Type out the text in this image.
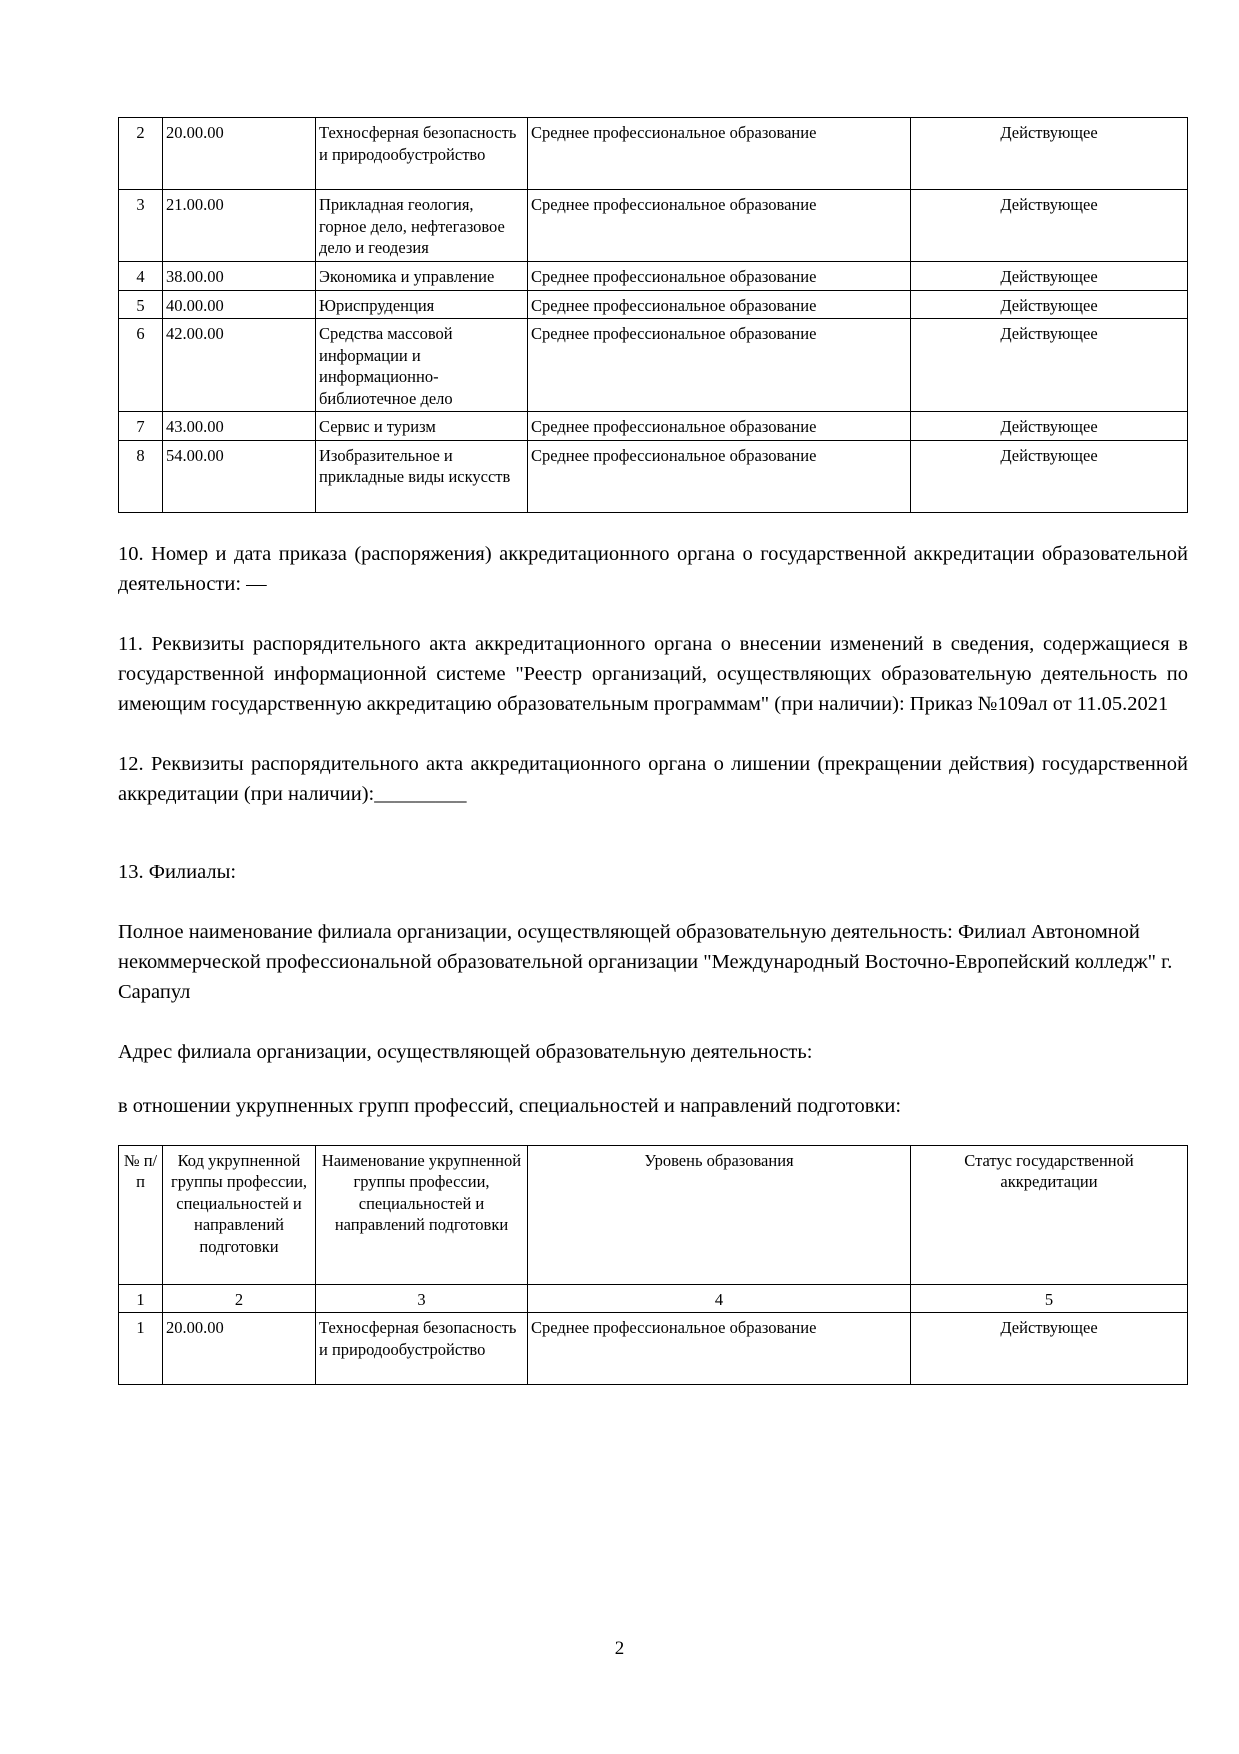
2	20.00.00	Техносферная безопасность и природообустройство	Среднее профессиональное образование	Действующее
3	21.00.00	Прикладная геология, горное дело, нефтегазовое дело и геодезия	Среднее профессиональное образование	Действующее
4	38.00.00	Экономика и управление	Среднее профессиональное образование	Действующее
5	40.00.00	Юриспруденция	Среднее профессиональное образование	Действующее
6	42.00.00	Средства массовой информации и информационно-библиотечное дело	Среднее профессиональное образование	Действующее
7	43.00.00	Сервис и туризм	Среднее профессиональное образование	Действующее
8	54.00.00	Изобразительное и прикладные виды искусств	Среднее профессиональное образование	Действующее

10. Номер и дата приказа (распоряжения) аккредитационного органа о государственной аккредитации образовательной деятельности: —

11. Реквизиты распорядительного акта аккредитационного органа о внесении изменений в сведения, содержащиеся в государственной информационной системе "Реестр организаций, осуществляющих образовательную деятельность по имеющим государственную аккредитацию образовательным программам" (при наличии): Приказ №109ал от 11.05.2021

12. Реквизиты распорядительного акта аккредитационного органа о лишении (прекращении действия) государственной аккредитации (при наличии):_________

13. Филиалы:

Полное наименование филиала организации, осуществляющей образовательную деятельность: Филиал Автономной некоммерческой профессиональной образовательной организации "Международный Восточно-Европейский колледж" г. Сарапул

Адрес филиала организации, осуществляющей образовательную деятельность:

в отношении укрупненных групп профессий, специальностей и направлений подготовки:

№ п/п	Код укрупненной группы профессии, специальностей и направлений подготовки	Наименование укрупненной группы профессии, специальностей и направлений подготовки	Уровень образования	Статус государственной аккредитации
1	2	3	4	5
1	20.00.00	Техносферная безопасность и природообустройство	Среднее профессиональное образование	Действующее
2
